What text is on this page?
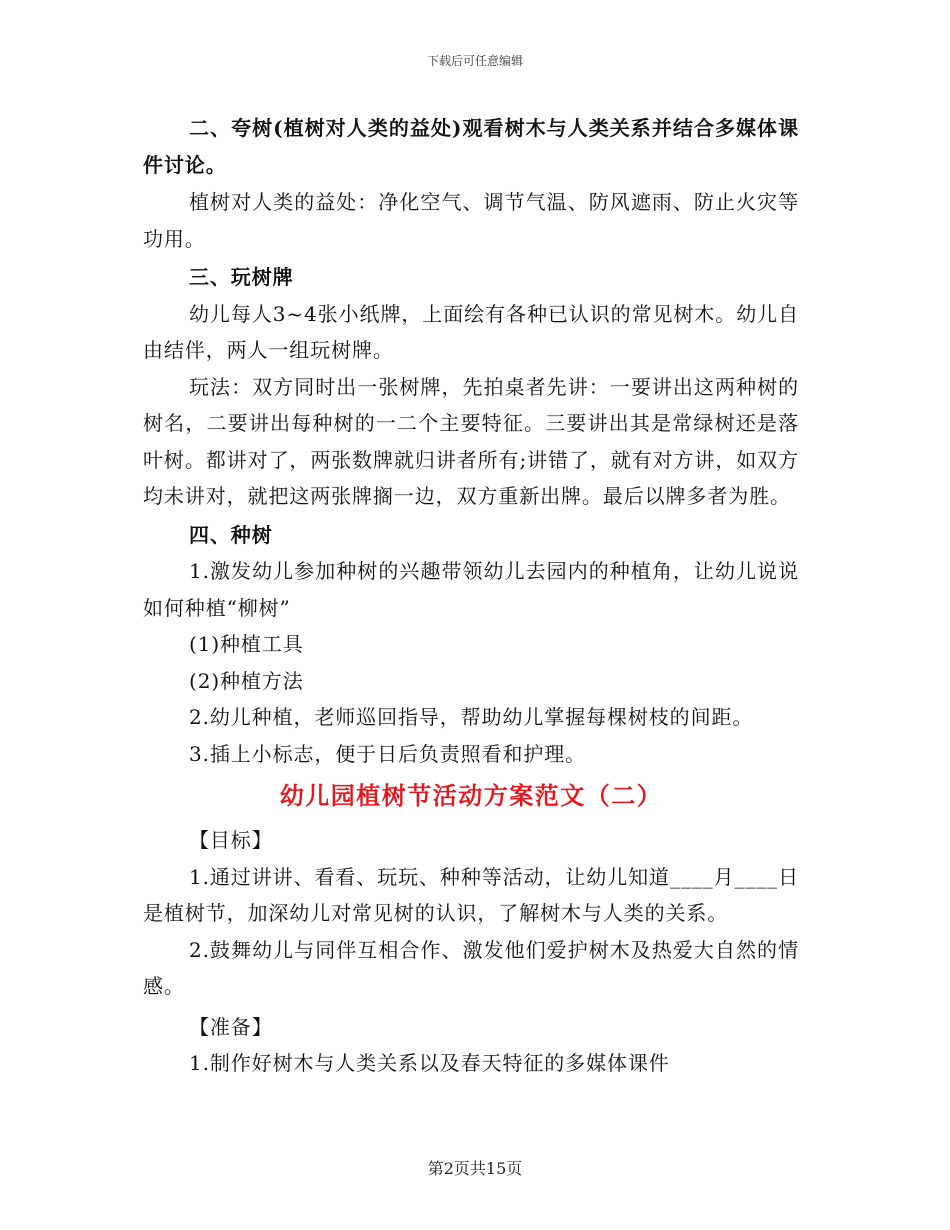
下载后可任意编辑

二、夸树(植树对人类的益处)观看树木与人类关系并结合多媒体课件讨论。

植树对人类的益处：净化空气、调节气温、防风遮雨、防止火灾等功用。

三、玩树牌

幼儿每人3~4张小纸牌，上面绘有各种已认识的常见树木。幼儿自由结伴，两人一组玩树牌。

玩法：双方同时出一张树牌，先拍桌者先讲：一要讲出这两种树的树名，二要讲出每种树的一二个主要特征。三要讲出其是常绿树还是落叶树。都讲对了，两张数牌就归讲者所有;讲错了，就有对方讲，如双方均未讲对，就把这两张牌搁一边，双方重新出牌。最后以牌多者为胜。

四、种树

1.激发幼儿参加种树的兴趣带领幼儿去园内的种植角，让幼儿说说如何种植“柳树”

(1)种植工具

(2)种植方法

2.幼儿种植，老师巡回指导，帮助幼儿掌握每棵树枝的间距。

3.插上小标志，便于日后负责照看和护理。

幼儿园植树节活动方案范文（二）

【目标】

1.通过讲讲、看看、玩玩、种种等活动，让幼儿知道____月____日是植树节，加深幼儿对常见树的认识，了解树木与人类的关系。

2.鼓舞幼儿与同伴互相合作、激发他们爱护树木及热爱大自然的情感。

【准备】

1.制作好树木与人类关系以及春天特征的多媒体课件

第2页共15页
